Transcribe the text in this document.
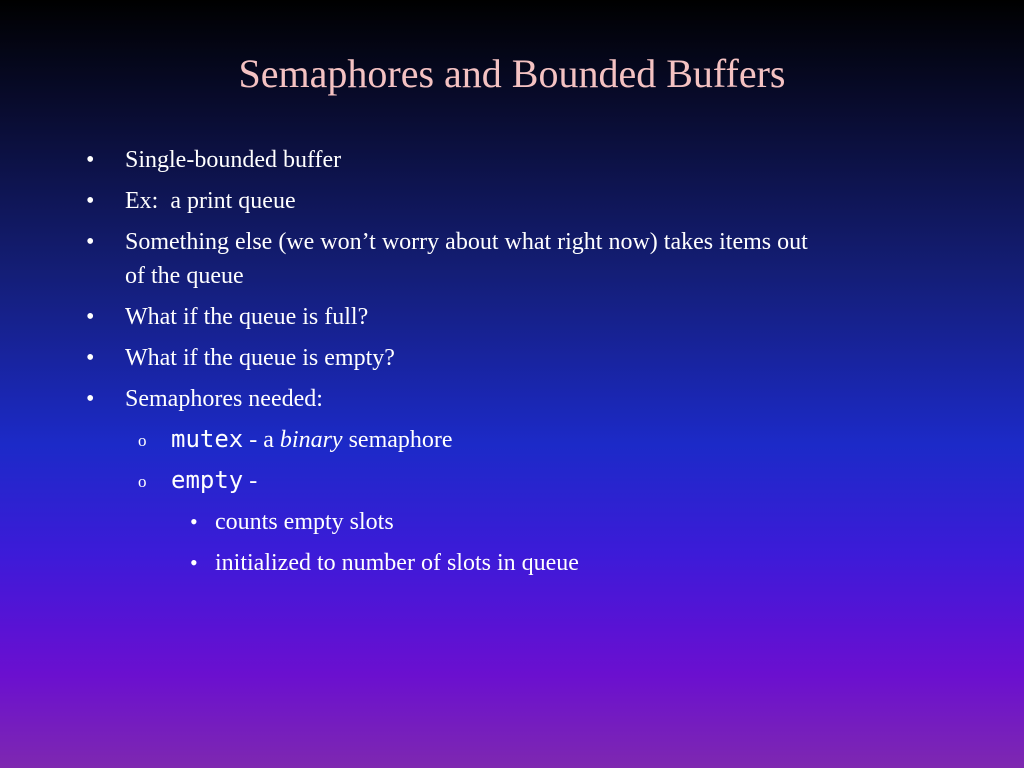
Semaphores and Bounded Buffers
• Single-bounded buffer
• Ex:  a print queue
• Something else (we won’t worry about what right now) takes items out
of the queue
• What if the queue is full?
• What if the queue is empty?
• Semaphores needed:
o mutex - a binary semaphore
o empty -
• counts empty slots
• initialized to number of slots in queue
